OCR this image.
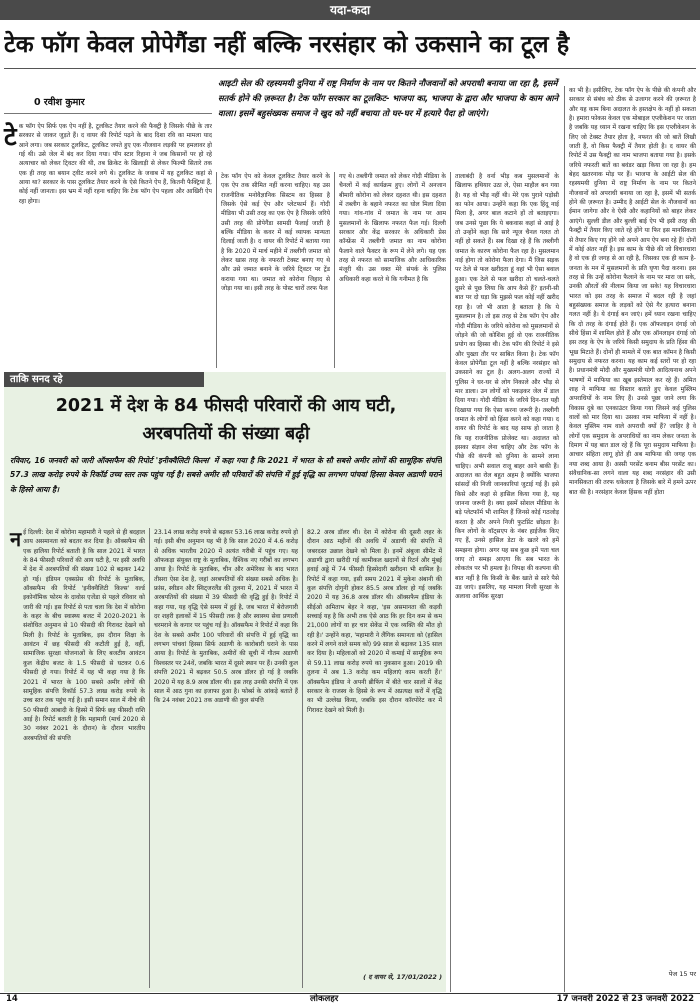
यदा-कदा
टेक फॉग केवल प्रोपेगैंडा नहीं बल्कि नरसंहार को उकसाने का टूल है
0 रवीश कुमार
आइटी सेल की रहस्यमयी दुनिया में राष्ट्र निर्माण के नाम पर कितने नौजवानों को अपराधी बनाया जा रहा है, इसमें सतर्क होने की ज़रूरत है। टेक फॉग सरकार का टूलकिट- भाजपा का, भाजपा के द्वारा और भाजपा के काम आने वाला। इसमें बहुसंख्यक समाज ने खुद को नहीं बचाया तो घर-घर में हत्यारे पैदा हो जाएंगे।
टे क फॉग ऐप सिर्फ एक ऐप नहीं है, टूलकिट तैयार करने की फैक्ट्री है जिसके पीछे के तार सरकार से जाकर जुड़ते हैं। द वायर की रिपोर्ट पढ़ने के बाद दिशा रवि का मामला याद आने लगा। जब सरकार टूलकिट, टूलकिट जपते हुए एक नौजवान लड़की पर हमलावर हो गई थी। उसे जेल में बंद कर दिया गया। पॉप स्टार रिहाना ने जब किसानों पर हो रहे अत्याचार को लेकर टि्वटर की थी, तब क्रिकेट के खिलाड़ी से लेकर फिल्मी सितारे तक एक ही तरह का बयान ट्वीट करने लगे थे। टूलकिट के जवाब में यह टूलकिट कहां से आया था? सरकार के पास टूलकिट तैयार करने के ऐसे कितने ऐप हैं, कितनी फैक्ट्रियां हैं, कोई नहीं जानता। इस भ्रम में नहीं रहना चाहिए कि टेक फॉग ऐप पहला और आखिरी ऐप रहा होगा।
टेक फॉग ऐप को केवल टूलकिट तैयार करने के एक ऐप तक सीमित नहीं करना चाहिए। यह उस राजनीतिक मनोवैज्ञानिक सिस्टम का हिस्सा है जिसके ऐसे कई ऐप और प्लेटफार्म हैं। गोदी मीडिया भी उसी तरह का एक ऐप है जिसके जरिये उसी तरह की प्रोपेगैंडा सामग्री फैलाई जाती है बल्कि मीडिया के कवर में कई व्यापक मान्यता दिलाई जाती है। द वायर की रिपोर्ट में बताया गया है कि 2020 में मार्च महीने में तब्लीगी जमात को लेकर खास तरह के नफरती टेक्स्ट बनाए गए थे और उसे जमात बनाने के जरिये टि्वटर पर ट्रेंड कराया गया था। जमात को कोरोना जिहाद से जोड़ा गया था। इसी तरह के पोस्ट चारों तरफ फैल
गए थे। तब्लीगी जमात को लेकर गोदी मीडिया के चैनलों में कई कार्यक्रम हुए। लोगों में अनजान बीमारी कोरोना को लेकर दहशत थी। इस दहशत में तब्लीग के बहाने नफरत का घोल मिला दिया गया। गांव-गांव में जमात के नाम पर आम मुसलमानों के खिलाफ नफरत फैल गई। दिल्ली सरकार और केंद्र सरकार के अधिकारी प्रेस कॉन्फ्रेंस में तब्लीगी जमात का नाम कोरोना फैलाने वाले फैक्टर के रूप में लेने लगे। यह एक तरह से नफरत को सामाजिक और आधिकारिक मंजूरी थी। उस वक्त मेरे संपर्क के पुलिस अधिकारी कहा करते थे कि गनीमत है कि
तालाबंदी है वर्ना भीड़ कब मुसलमानों के खिलाफ हथियार उठा ले, ऐसा माहौल बन गया है। यह वो भीड़ नहीं थी। मेरे एक पुराने पड़ोसी का फोन आया। उन्होंने कहा कि एक हिंदू नाई मिला है, अगर बाल कटाने हों तो बताइएगा। जब उनसे पूछा कि ये बकवास कहां से आई है तो उन्होंने कहा कि सारे न्यूज चैनल गलत तो नहीं हो सकते हैं। सब दिखा रहे हैं कि तब्लीगी जमात के कारण कोरोना फैल रहा है। मुसलमान नाई होगा तो कोरोना फैला देगा। मैं जिस सड़क पर ठेले से फल खरीदता हूं वहां भी ऐसा बवाल हुआ। एक ठेले से फल खरीदा तो चलते-चलते दूसरे से पूछ लिया कि आप कैसे हैं? इतनी-सी बात पर दो घड़ा कि मुझसे फल कोई नहीं खरीद रहा है। जो भी आता है बताता है कि ये मुसलमान है। तो इस तरह से टेक फॉग ऐप और गोदी मीडिया के जरिये कोरोना को मुसलमानों से जोड़ने की जो कोशिश हुई वो एक राजनीतिक प्रयोग का हिस्सा थी। टेक फॉग की रिपोर्ट ने इसे और पुख्ता तौर पर साबित किया है। टेक फॉग केवल प्रोपेगैंडा टूल नहीं है बल्कि नरसंहार को उकसाने का टूल है। अलग-अलग राज्यों में पुलिस ने घर-घर से लोग निकाले और भीड़ से मार डाला। उन लोगों को पकड़कर जेल में डाल दिया गया। गोदी मीडिया के जरिये दिन-रात यही दिखाया गया कि ऐसा करना जरूरी है। तब्लीगी जमात के लोगों को हिंसा करने को कहा गया। द वायर की रिपोर्ट के बाद यह साफ हो जाता है कि यह राजनीतिक प्रोजेक्ट था। अदालत को इसका संज्ञान लेना चाहिए और टेक फॉग के पीछे की कंपनी को दुनिया के सामने लाना चाहिए। अभी सवाल राजू बाहर आने बाकी हैं। अदालत का रोल बहुत अहम है क्योंकि भाजपा सांसदों की निजी जानकारियां जुटाई गई हैं। इसे किसे और कहां से हासिल किया गया है, यह जानना जरूरी है। क्या इसमें सोशल मीडिया के बड़े प्लेटफॉर्म भी शामिल हैं जिनसे कोई गठजोड़ करता है और अपने निजी फुटप्रिंट छोड़ता है। किन लोगों के वॉट्सएप के नंबर हाईजैक किए गए हैं, उनसे हासिल डेटा के खतरे को हमें समझना होगा। अगर यह सब कुछ हमें पता चल जाए तो समझ आएगा कि सब भारत के लोकतंत्र पर भी हमला है। विपक्ष की कल्पना की बात नहीं है कि किसी के बैंक खाते से सारे पैसे उड़ जाएं। इसलिए, यह मामला निजी सुरक्षा के अलावा आर्थिक सुरक्षा
का भी है। इसीलिए, टेक फॉग ऐप के पीछे की कंपनी और सरकार से संबंध को ठीक से उजागर करने की ज़रूरत है और यह काम बिना अदालत के हस्तक्षेप के नहीं हो सकता है। हमारा फोकस केवल एक मोबाइल एप्लीकेशन पर जाता है जबकि यह ध्यान में रखना चाहिए कि इस एप्लीकेशन के लिए जो टेक्स्ट तैयार होता है, नफरत की जो बातें लिखी जाती हैं, वो किस फैक्ट्री में तैयार होती है। द वायर की रिपोर्ट में उस फैक्ट्री का नाम भाजपा बताया गया है। इसके जरिये नफरती बातें का बवंडर खड़ा किया जा रहा है। हम बेहद खतरनाक मोड़ पर हैं। भाजपा के आईटी सेल की रहस्यमयी दुनिया में राष्ट्र निर्माण के नाम पर कितने नौजवानों को अपराधी बनाया जा रहा है, इसमें भी सतर्क होने की ज़रूरत है। उम्मीद है आईटी सेल के नौजवानों का ईमान जागेगा और वे ऐसी और कहानियों को बाहर लेकर आएंगे। सुल्ली डील और बुल्ली बाई ऐप भी इसी तरह की फैक्ट्री में तैयार किए जाते रहे होंगे या फिर इस मानसिकता से तैयार किए गए होंगे जो अपने आप ऐप बना रहे हैं! दोनों में कोई अंतर नहीं है। इस काम के पीछे की जो विचारधारा है वो एक ही जगह से आ रही है, जिसका एक ही काम है- जनता के मन में मुसलमानों के प्रति घृणा पैदा करना। इस तरह से कि उन्हें कोरोना फैलाने के नाम पर मारा जा सके, उनकी औरतों की नीलाम किया जा सके! यह विचारधारा भारत को इस तरह के समाज में बदल रही है जहां बहुसंख्यक समाज के लड़कों को ऐसे गैर हत्यारा बनाना गलत नहीं है। ये दंगाई बन जाएं। हमें ध्यान रखना चाहिए कि दो तरह के दंगाई होते हैं। एक ऑफलाइन दंगाई जो सीधे हिंसा में शामिल होते हैं और एक ऑनलाइन दंगाई जो इस तरह के ऐप के जरिये किसी समुदाय के प्रति हिंसा की भूख मिटाते हैं। दोनों ही मामले में एक बात कॉमन है किसी समुदाय से नफरत करना। यह काम कई स्तरों पर हो रहा है। प्रधानमंत्री मोदी और मुख्यमंत्री योगी आदित्यनाथ अपने भाषणों में माफिया का खूब इस्तेमाल कर रहे हैं। अमित शाह ने माफिया का विस्तार बताते हुए केवल मुस्लिम अपराधियों के नाम लिए हैं। उनसे पूछा जाने लगा कि विकास दुबे का एनकाउंटर किया गया जिसने कई पुलिस वालों को मार दिया था। उसका नाम माफिया में नहीं है। केवल मुस्लिम नाम वाले अपराधी क्यों हैं? जाहिर है वे लोगों एक समुदाय के अपराधियों का नाम लेकर जनता के दिमाग में यह बात डाल रहे हैं कि पूरा समुदाय माफिया है। आचार संहिता लागू होते ही अब माफिया की जगह एक नया शब्द आया है। अस्सी परसेंट बनाम बीस परसेंट का। संवैधानिक-सा लगने वाला यह शब्द नरसंहार की उसी मानसिकता की तरफ धकेलता है जिसके बारे में हमने ऊपर बात की है। नरसंहार केवल हिंसक नहीं होता
पेज 15 पर
ताकि सनद रहे
2021 में देश के 84 फीसदी परिवारों की आय घटी,
अरबपतियों की संख्या बढ़ी
रविवार, 16 जनवरी को जारी ऑक्सफैम की रिपोर्ट 'इनीक्वैलिटी किल्स' में कहा गया है कि 2021 में भारत के सौ सबसे अमीर लोगों की सामूहिक संपत्ति 57.3 लाख करोड़ रुपये के रिकॉर्ड उच्च स्तर तक पहुंच गई है। सबसे अमीर सौ परिवारों की संपत्ति में हुई वृद्धि का लगभग पांचवां हिस्सा केवल अडाणी घराने के हिस्से आया है।
न ई दिल्ली: देश में कोरोना महामारी ने पहले से ही बदहाल आय असमानता को बदतर कर दिया है। ऑक्सफैम की एक हालिया रिपोर्ट बताती है कि साल 2021 में भारत के 84 फीसदी परिवारों की आय घटी है, पर इसी अवधि में देश में अरबपतियों की संख्या 102 से बढ़कर 142 हो गई। इंडियन एक्सप्रेस की रिपोर्ट के मुताबिक, ऑक्सफैम की रिपोर्ट 'इनीक्वैलिटी किल्स' वर्ल्ड इकोनॉमिक फोरम के दावोस एजेंडा से पहले रविवार को जारी की गई। इस रिपोर्ट से पता चला कि देश में कोरोना के कहर के बीच स्वास्थ्य बजट में 2020-2021 के संशोधित अनुमान से 10 फीसदी की गिरावट देखने को मिली है। रिपोर्ट के मुताबिक, इस दौरान शिक्षा के आवंटन में छह फीसदी की कटौती हुई है, वहीं, सामाजिक सुरक्षा योजनाओं के लिए बजटीय आवंटन कुल केंद्रीय बजट के 1.5 फीसदी से घटकर 0.6 फीसदी हो गया। रिपोर्ट में यह भी कहा गया है कि 2021 में भारत के 100 सबसे अमीर लोगों की सामूहिक संपत्ति रिकॉर्ड 57.3 लाख करोड़ रुपये के उच्च स्तर तक पहुंच गई है। इसी समान साल में नीचे की 50 फीसदी आबादी के हिस्से में सिर्फ छह फीसदी राशि आई है। रिपोर्ट बताती है कि महामारी (मार्च 2020 से 30 नवंबर 2021 के दौरान) के दौरान भारतीय अरबपतियों की संपत्ति
23.14 लाख करोड़ रुपये से बढ़कर 53.16 लाख करोड़ रुपये हो गई। इसी बीच अनुमान यह भी है कि साल 2020 में 4.6 करोड़ से अधिक भारतीय 2020 में अत्यंत गरीबी में पहुंच गए। यह ऑफकड़ा संयुक्त राष्ट्र के मुताबिक, वैश्विक नए गरीबों का लगभग आधा है। रिपोर्ट के मुताबिक, चीन और अमेरिका के बाद भारत तीसरा ऐसा देश है, जहां अरबपतियों की संख्या सबसे अधिक है। फ्रांस, स्वीडन और स्विट्जरलैंड की तुलना में, 2021 में भारत में अरबपतियों की संख्या में 39 फीसदी की वृद्धि हुई है। रिपोर्ट में कहा गया, यह वृद्धि ऐसे समय में हुई है, जब भारत में बेरोजगारी दर शहरी इलाकों में 15 फीसदी तक है और स्वास्थ्य सेवा प्रणाली चरमराने के कगार पर पहुंच गई है। ऑक्सफैम ने रिपोर्ट में कहा कि देश के सबसे अमीर 100 परिवारों की संपत्ति में हुई वृद्धि का लगभग पांचवां हिस्सा सिर्फ अडाणी के कारोबारी घराने के पास आया है। रिपोर्ट के मुताबिक, अमीरों की सूची में गौतम अडाणी विश्वस्तर पर 24वें, जबकि भारत में दूसरे स्थान पर हैं। उनकी कुल संपत्ति 2021 में बढ़कर 50.5 अरब डॉलर हो गई है जबकि 2020 में यह 8.9 अरब डॉलर थी। इस तरह उनकी संपत्ति में एक साल में आठ गुना का इजाफा हुआ है। फोर्ब्स के आंकड़े बताते हैं कि 24 नवंबर 2021 तक अडाणी की कुल संपत्ति
82.2 अरब डॉलर थी। देश में कोरोना की दूसरी लहर के दौरान आठ महीनों की अवधि में अडाणी की संपत्ति में जबरदस्त उछाल देखने को मिला है। इनमें अंबुजा सीमेंट में अडाणी द्वारा खरीदी गई कामीकल खदानों से रिटर्न और मुंबई हवाई अड्डे में 74 फीसदी हिस्सेदारी खरीदना भी शामिल है। रिपोर्ट में कहा गया, इसी समय 2021 में मुकेश अंबानी की कुल संपत्ति दोगुनी होकर 85.5 अरब डॉलर हो गई जबकि 2020 में यह 36.8 अरब डॉलर थी। ऑक्सफैम इंडिया के सीईओ अमिताभ बेहर ने कहा, 'इस असमानता की कड़वी सच्चाई यह है कि अभी तक ऐसे आठ कि हर दिन कम से कम 21,000 लोगों या हर चार सेकेंड में एक व्यक्ति की मौत हो रही है।' उन्होंने कहा, 'महामारी ने लैंगिक समानता को (हासिल करने में लगने वाले समय को) 99 साल से बढ़ाकर 135 साल कर दिया है। महिलाओं को 2020 में कमाई में सामूहिक रूप से 59.11 लाख करोड़ रुपये का नुकसान हुआ। 2019 की तुलना में अब 1.3 करोड़ कम महिलाएं काम करती हैं।' ऑक्सफैम इंडिया ने अपनी ब्रीफिंग में बीते चार सालों में केंद्र सरकार के राजस्व के हिस्से के रूप में अप्रत्यक्ष करों में वृद्धि का भी उल्लेख किया, जबकि इस दौरान कॉरपोरेट कर में गिरावट देखने को मिली है।
( द वायर से, 17/01/2022 )
14	लोकलहर	17 जनवरी 2022 से 23 जनवरी 2022
